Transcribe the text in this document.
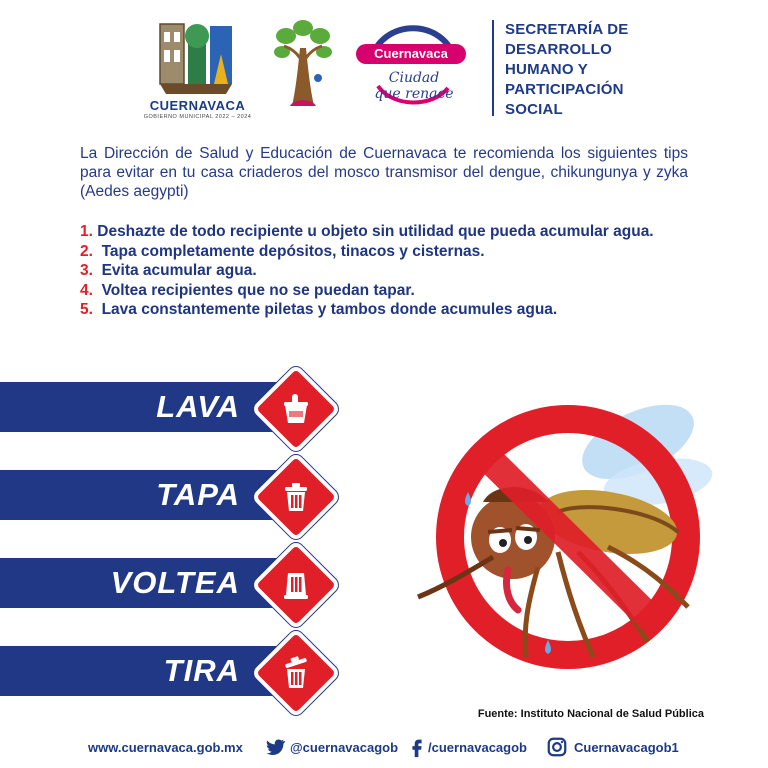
CUERNAVACA
GOBIERNO MUNICIPAL 2022 – 2024
Cuernavaca
Ciudad
que renace
SECRETARÍA DE
DESARROLLO
HUMANO Y
PARTICIPACIÓN
SOCIAL
La Dirección de Salud y Educación de Cuernavaca te recomienda los siguientes tips para evitar en tu casa criaderos del mosco transmisor del dengue, chikungunya y zyka (Aedes aegypti)
1. Deshazte de todo recipiente u objeto sin utilidad que pueda acumular agua.
2. Tapa completamente depósitos, tinacos y cisternas.
3. Evita acumular agua.
4. Voltea recipientes que no se puedan tapar.
5. Lava constantemente piletas y tambos donde acumules agua.
LAVA
TAPA
VOLTEA
TIRA
Fuente: Instituto Nacional de Salud Pública
www.cuernavaca.gob.mx	@cuernavacagob /cuernavacagob	Cuernavacagob1
